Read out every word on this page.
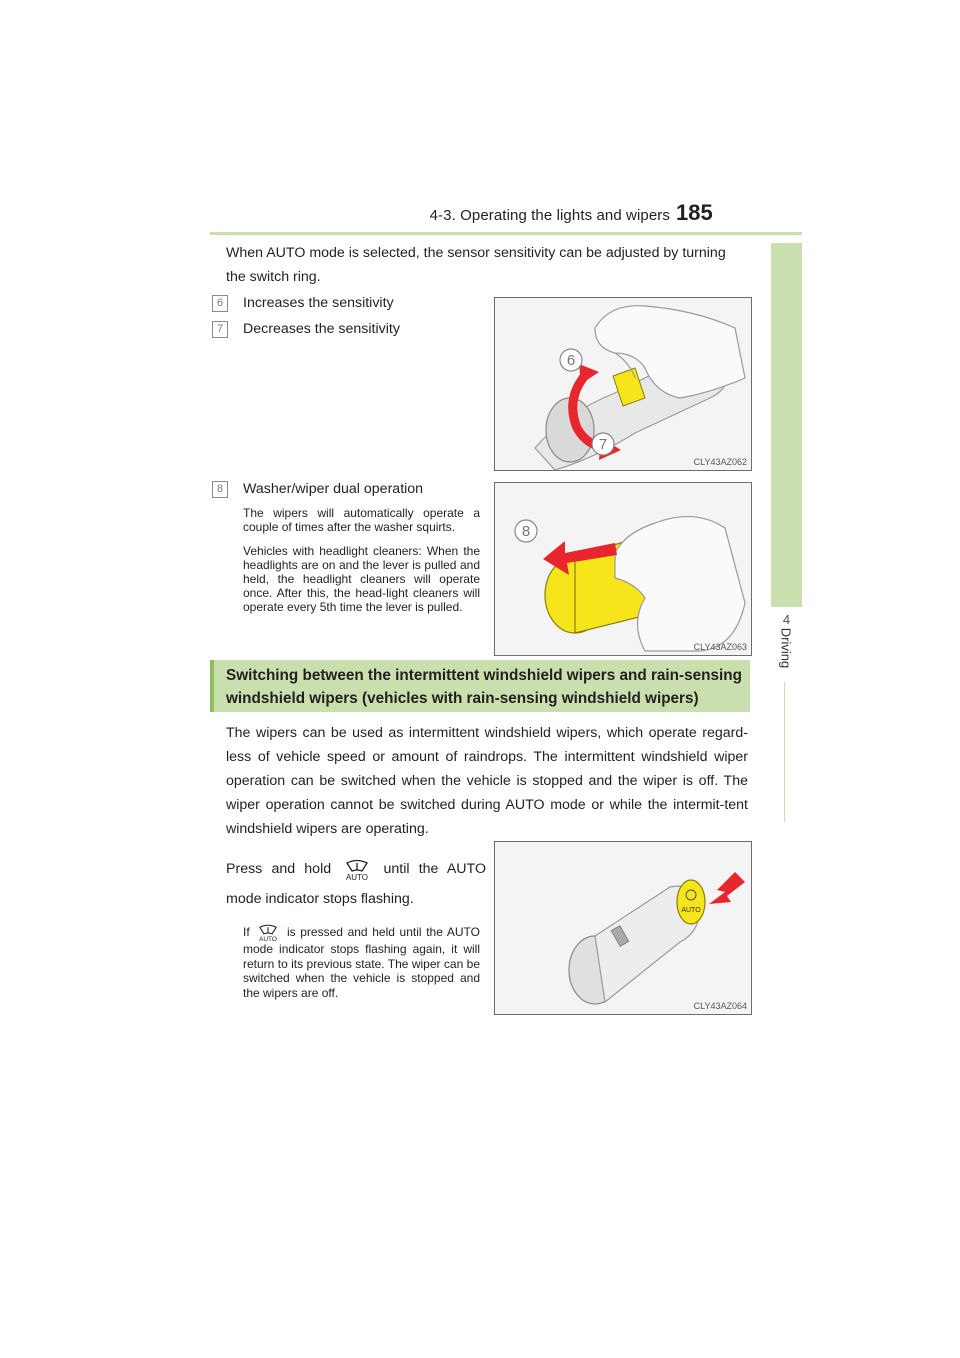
4-3. Operating the lights and wipers 185
4
Driving
When AUTO mode is selected, the sensor sensitivity can be adjusted by turning the switch ring.
6	Increases the sensitivity
7	Decreases the sensitivity
6
7
CLY43AZ062
8	Washer/wiper dual operation
The wipers will automatically operate a couple of times after the washer squirts.
Vehicles with headlight cleaners: When the headlights are on and the lever is pulled and held, the headlight cleaners will operate once. After this, the head-light cleaners will operate every 5th time the lever is pulled.
8
CLY43AZ063
Switching between the intermittent windshield wipers and rain-sensing windshield wipers (vehicles with rain-sensing windshield wipers)
The wipers can be used as intermittent windshield wipers, which operate regard-less of vehicle speed or amount of raindrops. The intermittent windshield wiper operation can be switched when the vehicle is stopped and the wiper is off. The wiper operation cannot be switched during AUTO mode or while the intermit-tent windshield wipers are operating.
Press and hold
AUTO
until the AUTO mode indicator stops flashing.
If
AUTO
is pressed and held until the AUTO mode indicator stops flashing again, it will return to its previous state. The wiper can be switched when the vehicle is stopped and the wipers are off.
AUTO
CLY43AZ064
